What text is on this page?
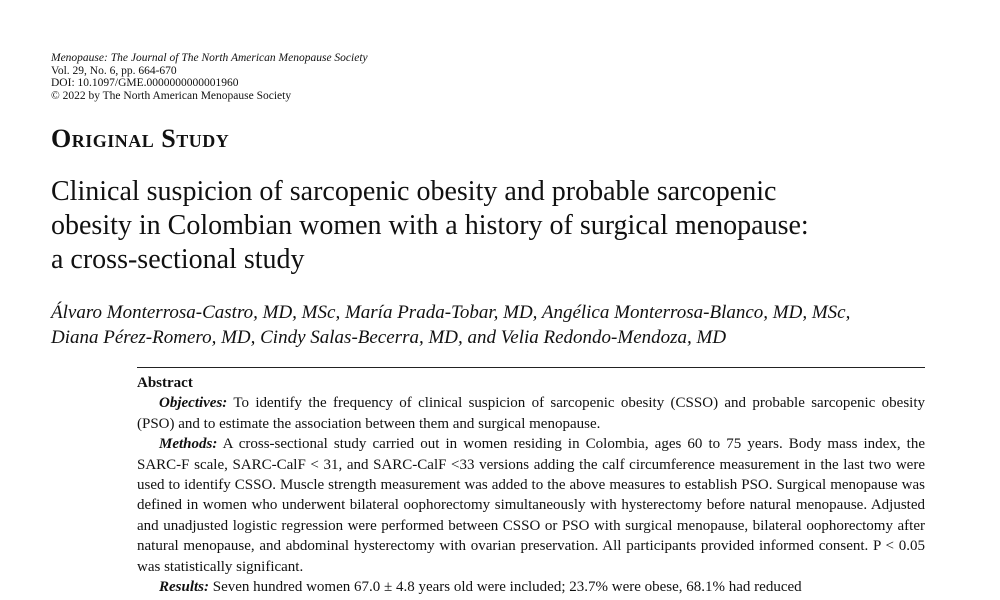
Menopause: The Journal of The North American Menopause Society
Vol. 29, No. 6, pp. 664-670
DOI: 10.1097/GME.0000000000001960
© 2022 by The North American Menopause Society
Original Study
Clinical suspicion of sarcopenic obesity and probable sarcopenic
obesity in Colombian women with a history of surgical menopause:
a cross-sectional study
Álvaro Monterrosa-Castro, MD, MSc, María Prada-Tobar, MD, Angélica Monterrosa-Blanco, MD, MSc,
Diana Pérez-Romero, MD, Cindy Salas-Becerra, MD, and Velia Redondo-Mendoza, MD
Abstract
Objectives: To identify the frequency of clinical suspicion of sarcopenic obesity (CSSO) and probable sarcopenic obesity (PSO) and to estimate the association between them and surgical menopause.
Methods: A cross-sectional study carried out in women residing in Colombia, ages 60 to 75 years. Body mass index, the SARC-F scale, SARC-CalF < 31, and SARC-CalF <33 versions adding the calf circumference measurement in the last two were used to identify CSSO. Muscle strength measurement was added to the above measures to establish PSO. Surgical menopause was defined in women who underwent bilateral oophorectomy simultaneously with hysterectomy before natural menopause. Adjusted and unadjusted logistic regression were performed between CSSO or PSO with surgical menopause, bilateral oophorectomy after natural menopause, and abdominal hysterectomy with ovarian preservation. All participants provided informed consent. P < 0.05 was statistically significant.
Results: Seven hundred women 67.0 ± 4.8 years old were included; 23.7% were obese, 68.1% had reduced
